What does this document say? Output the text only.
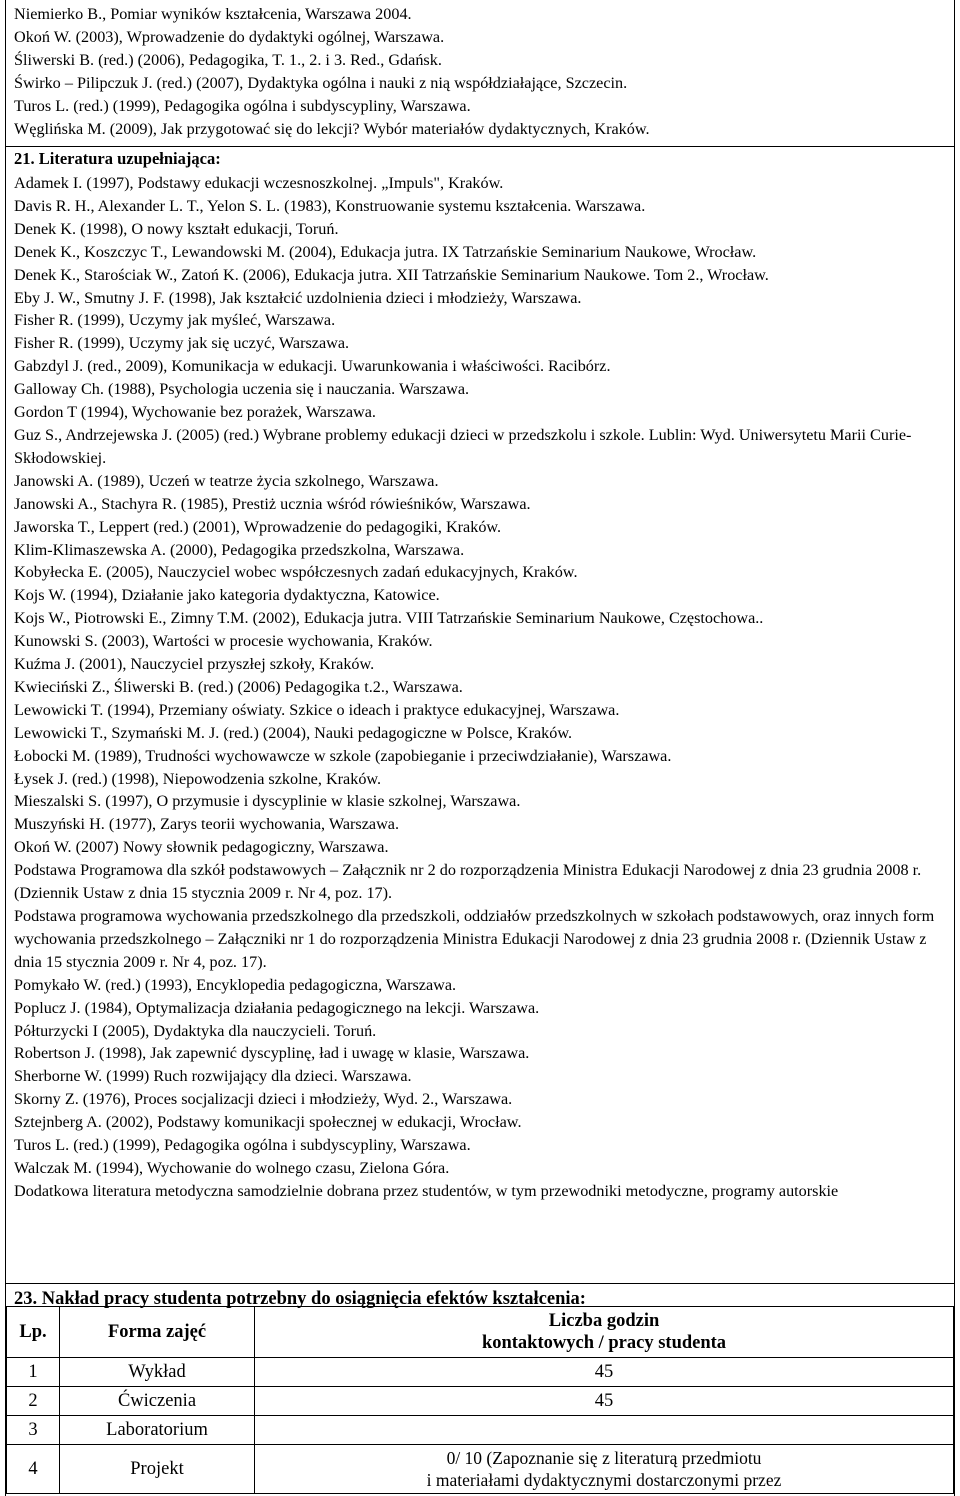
Niemierko B., Pomiar wyników kształcenia, Warszawa 2004.
Okoń W. (2003), Wprowadzenie do dydaktyki ogólnej, Warszawa.
Śliwerski B. (red.) (2006), Pedagogika, T. 1., 2. i 3. Red., Gdańsk.
Świrko – Pilipczuk J. (red.) (2007), Dydaktyka ogólna i nauki z nią współdziałające, Szczecin.
Turos L. (red.) (1999), Pedagogika ogólna i subdyscypliny, Warszawa.
Węglińska M. (2009), Jak przygotować się do lekcji? Wybór materiałów dydaktycznych, Kraków.
21. Literatura uzupełniająca:
Adamek I. (1997), Podstawy edukacji wczesnoszkolnej. „Impuls", Kraków.
Davis R. H., Alexander L. T., Yelon S. L. (1983), Konstruowanie systemu kształcenia. Warszawa.
Denek K. (1998), O nowy kształt edukacji, Toruń.
Denek K., Koszczyc T., Lewandowski M. (2004), Edukacja jutra. IX Tatrzańskie Seminarium Naukowe, Wrocław.
Denek K., Starościak W., Zatoń K. (2006), Edukacja jutra. XII Tatrzańskie Seminarium Naukowe. Tom 2., Wrocław.
Eby J. W., Smutny J. F. (1998), Jak kształcić uzdolnienia dzieci i młodzieży, Warszawa.
Fisher R. (1999), Uczymy jak myśleć, Warszawa.
Fisher R. (1999), Uczymy jak się uczyć, Warszawa.
Gabzdyl J. (red., 2009), Komunikacja w edukacji. Uwarunkowania i właściwości. Racibórz.
Galloway Ch. (1988), Psychologia uczenia się i nauczania. Warszawa.
Gordon T (1994), Wychowanie bez porażek, Warszawa.
Guz S., Andrzejewska J. (2005) (red.) Wybrane problemy edukacji dzieci w przedszkolu i szkole. Lublin: Wyd. Uniwersytetu Marii Curie-Skłodowskiej.
Janowski A. (1989), Uczeń w teatrze życia szkolnego, Warszawa.
Janowski A., Stachyra R. (1985), Prestiż ucznia wśród rówieśników, Warszawa.
Jaworska T., Leppert (red.) (2001), Wprowadzenie do pedagogiki, Kraków.
Klim-Klimaszewska A. (2000), Pedagogika przedszkolna, Warszawa.
Kobyłecka E. (2005), Nauczyciel wobec współczesnych zadań edukacyjnych, Kraków.
Kojs W. (1994), Działanie jako kategoria dydaktyczna, Katowice.
Kojs W., Piotrowski E., Zimny T.M. (2002), Edukacja jutra. VIII Tatrzańskie Seminarium Naukowe, Częstochowa..
Kunowski S. (2003), Wartości w procesie wychowania, Kraków.
Kuźma J. (2001), Nauczyciel przyszłej szkoły, Kraków.
Kwieciński Z., Śliwerski B. (red.) (2006) Pedagogika t.2., Warszawa.
Lewowicki T. (1994), Przemiany oświaty. Szkice o ideach i praktyce edukacyjnej, Warszawa.
Lewowicki T., Szymański M. J. (red.) (2004), Nauki pedagogiczne w Polsce, Kraków.
Łobocki M. (1989), Trudności wychowawcze w szkole (zapobieganie i przeciwdziałanie), Warszawa.
Łysek J. (red.) (1998), Niepowodzenia szkolne, Kraków.
Mieszalski S. (1997), O przymusie i dyscyplinie w klasie szkolnej, Warszawa.
Muszyński H. (1977), Zarys teorii wychowania, Warszawa.
Okoń W. (2007) Nowy słownik pedagogiczny, Warszawa.
Podstawa Programowa dla szkół podstawowych – Załącznik nr 2 do rozporządzenia Ministra Edukacji Narodowej z dnia 23 grudnia 2008 r. (Dziennik Ustaw z dnia 15 stycznia 2009 r. Nr 4, poz. 17).
Podstawa programowa wychowania przedszkolnego dla przedszkoli, oddziałów przedszkolnych w szkołach podstawowych, oraz innych form wychowania przedszkolnego – Załączniki nr 1 do rozporządzenia Ministra Edukacji Narodowej z dnia 23 grudnia 2008 r. (Dziennik Ustaw z dnia 15 stycznia 2009 r. Nr 4, poz. 17).
Pomykało W. (red.) (1993), Encyklopedia pedagogiczna, Warszawa.
Poplucz J. (1984), Optymalizacja działania pedagogicznego na lekcji. Warszawa.
Półturzycki I (2005), Dydaktyka dla nauczycieli. Toruń.
Robertson J. (1998), Jak zapewnić dyscyplinę, ład i uwagę w klasie, Warszawa.
Sherborne W. (1999) Ruch rozwijający dla dzieci. Warszawa.
Skorny Z. (1976), Proces socjalizacji dzieci i młodzieży, Wyd. 2., Warszawa.
Sztejnberg A. (2002), Podstawy komunikacji społecznej w edukacji, Wrocław.
Turos L. (red.) (1999), Pedagogika ogólna i subdyscypliny, Warszawa.
Walczak M. (1994), Wychowanie do wolnego czasu, Zielona Góra.
Dodatkowa literatura metodyczna samodzielnie dobrana przez studentów, w tym przewodniki metodyczne, programy autorskie
23. Nakład pracy studenta potrzebny do osiągnięcia efektów kształcenia:
Lp.	Forma zajęć	Liczba godzin
kontaktowych / pracy studenta

1	Wykład	45
2	Ćwiczenia	45
3	Laboratorium	
4	Projekt	0/ 10 (Zapoznanie się z literaturą przedmiotu
i materiałami dydaktycznymi dostarczonymi przez
